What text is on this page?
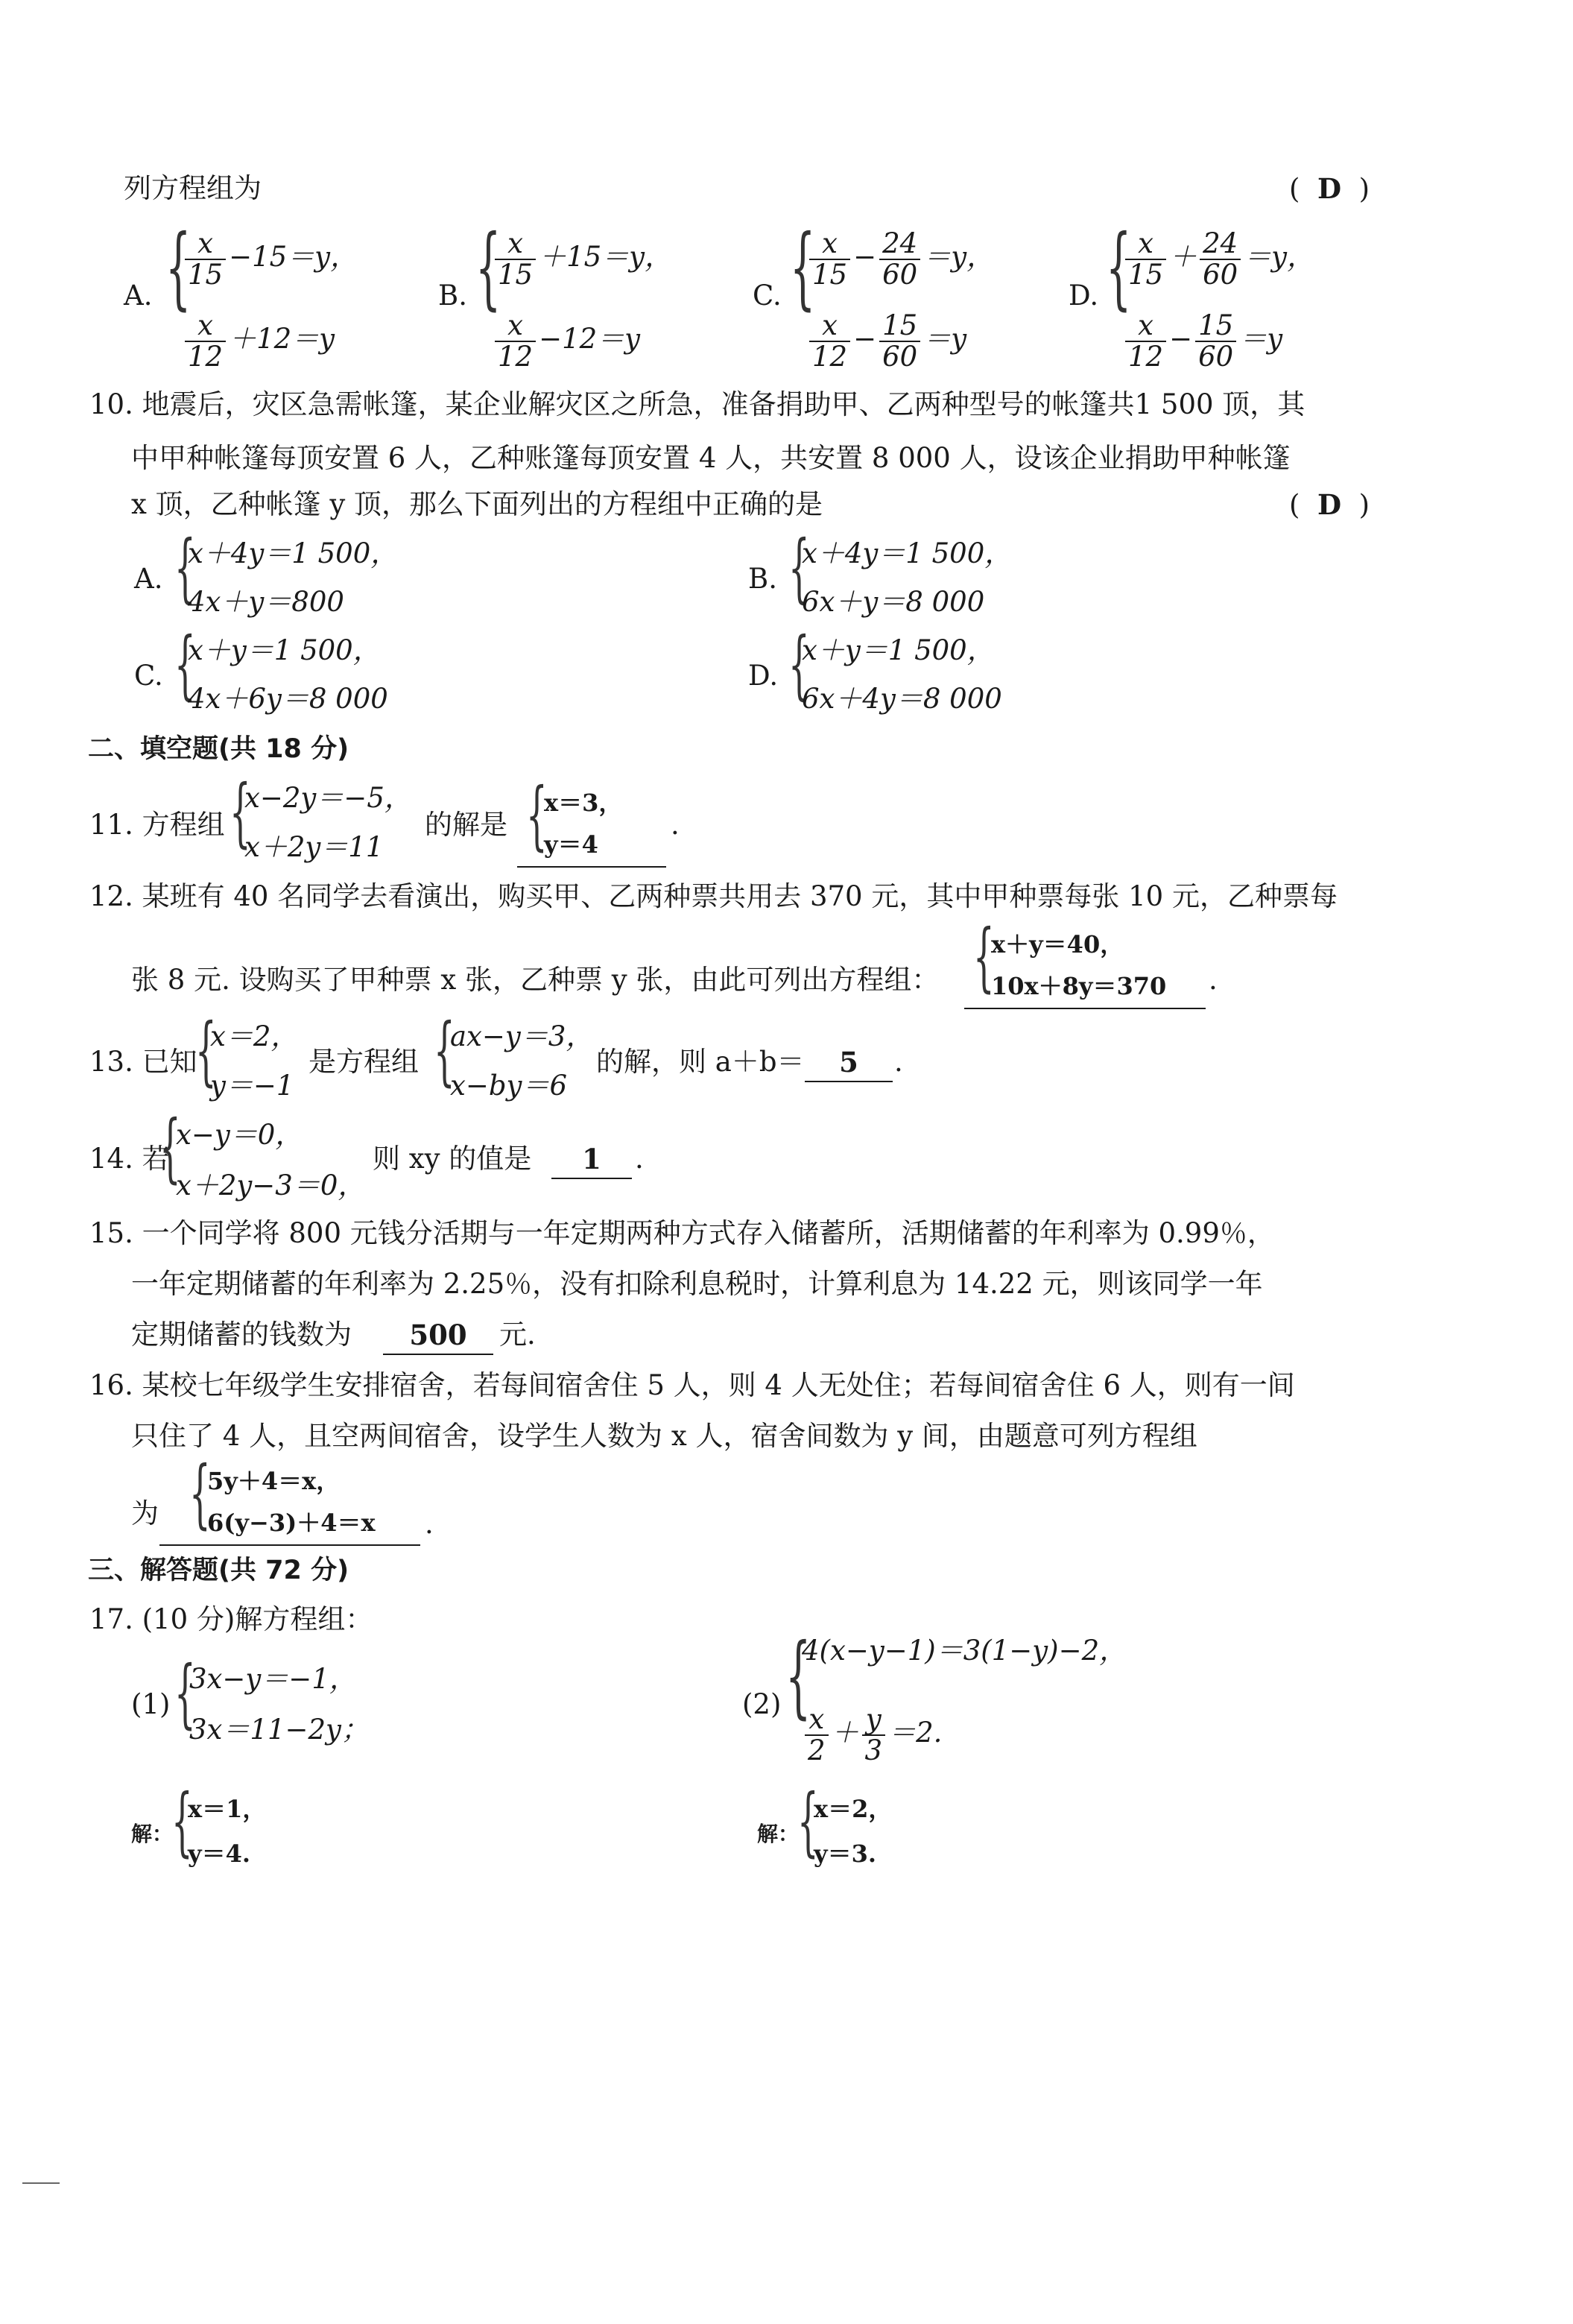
列方程组为	(  D  )
A. {
$\frac{x}{15} -15=y$，
$\frac{x}{12} +12=y$
B. {
$\frac{x}{15} +15=y$，
$\frac{x}{12} -12=y$
C. {
$\frac{x}{15} - \frac{24}{60} =y$，
$\frac{x}{12} - \frac{15}{60} =y$
D. {
$\frac{x}{15} + \frac{24}{60} =y$，
$\frac{x}{12} - \frac{15}{60} =y$
10. 地震后，灾区急需帐篷，某企业解灾区之所急，准备捐助甲、乙两种型号的帐篷共1 500 顶，其
中甲种帐篷每顶安置 6 人，乙种账篷每顶安置 4 人，共安置 8 000 人，设该企业捐助甲种帐篷
x 顶，乙种帐篷 y 顶，那么下面列出的方程组中正确的是	(  D  )
A. {
x＋4y＝1 500，
4x＋y＝800
B. {
x＋4y＝1 500，
6x＋y＝8 000
C. {
x＋y＝1 500，
4x＋6y＝8 000
D. {
x＋y＝1 500，
6x＋4y＝8 000
二、填空题(共 18 分)
11. 方程组 {
x−2y＝−5，
x＋2y＝11
的解是 {
x＝3，
y＝4
.
12. 某班有 40 名同学去看演出，购买甲、乙两种票共用去 370 元，其中甲种票每张 10 元，乙种票每
张 8 元. 设购买了甲种票 x 张，乙种票 y 张，由此可列出方程组： {
x＋y＝40，
10x＋8y＝370 .
13. 已知
{
x＝2，
y＝−1
是方程组 {
ax−y＝3，
x−by＝6
的解，则 a＋b＝	5	.
14. 若
{
x−y＝0，
x＋2y−3＝0，
则 xy 的值是	1	.
15. 一个同学将 800 元钱分活期与一年定期两种方式存入储蓄所，活期储蓄的年利率为 0.99％，
一年定期储蓄的年利率为 2.25％，没有扣除利息税时，计算利息为 14.22 元，则该同学一年
定期储蓄的钱数为	500	元.
16. 某校七年级学生安排宿舍，若每间宿舍住 5 人，则 4 人无处住；若每间宿舍住 6 人，则有一间
只住了 4 人，且空两间宿舍，设学生人数为 x 人，宿舍间数为 y 间，由题意可列方程组
为 {
5y＋4＝x，
6(y−3)＋4＝x .
三、解答题(共 72 分)
17. (10 分)解方程组：
(1) {
3x−y＝−1，
3x＝11−2y；
(2) {
4(x−y−1)＝3(1−y)−2，
$\frac{x}{2} + \frac{y}{3} =2$.
解：
{
x＝1，
y＝4.
解：
{
x＝2，
y＝3.
